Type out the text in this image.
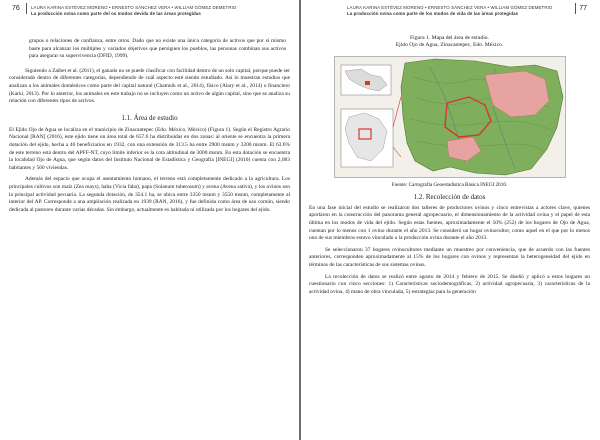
76	LAURA KARINA ESTÉVEZ MORENO • ERNESTO SÁNCHEZ VERA • WILLIAM GÓMEZ DEMETRIO
La producción ovina como parte del os modos devida de las áreas protegidas

grupos o relaciones de confianza, entre otros. Dado que no existe una única categoría de activos que por sí mismo baste para alcanzar los múltiples y variados objetivos que persiguen los pueblos, las personas combinan sus activos para asegurar su supervivencia (DFID, 1999).

Siguiendo a Zaibet et al. (2011), el ganado no se puede clasificar con facilidad dentro de un solo capital, porque puede ser considerado dentro de diferentes categorías, dependiendo de cuál aspecto esté siendo estudiado. Así lo muestran estudios que analizan a los animales domésticos como parte del capital natural (Chamnik et al., 2014), físico (Alary et al., 2014) o financiero (Karki, 2013). Por lo anterior, los animales en este trabajo no se incluyen como un activo de algún capital, sino que se analiza su relación con diferentes tipos de activos.

1.1. Área de estudio

El Ejido Ojo de Agua se localiza en el municipio de Zinacantepec (Edo. México, México) (Figura 1). Según el Registro Agrario Nacional [RAN] (2016), este ejido tiene un área total de 657.6 ha distribuidas en dos zonas: al oriente se encuentra la primera dotación del ejido, hecha a 46 beneficiarios en 1932, con una extensión de 313.5 ha entre 2900 msnm y 3200 msnm. El 63.6% de este terreno está dentro del APFF-NT, cuyo límite inferior es la cota altitudinal de 3000 msnm. En esta dotación se encuentra la localidad Ojo de Agua, que según datos del Instituto Nacional de Estadística y Geografía [INEGI] (2010) cuenta con 2,083 habitantes y 560 viviendas.

Además del espacio que ocupa el asentamiento humano, el terreno está completamente dedicado a la agricultura. Los principales cultivos son maíz (Zea mays), haba (Vicia faba), papa (Solanum tuberosum) y avena (Avena sativa), y los ovinos son la principal actividad pecuaria. La segunda dotación, de 354.1 ha, se ubica entre 3350 msnm y 3550 msnm, completamente al interior del AP. Corresponde a una ampliación realizada en 1939 (RAN, 2016), y fue definida como área de uso común, siendo dedicada al pastoreo durante varias décadas. Sin embargo, actualmente es habitada ni utilizada por los hogares del ejido.

LAURA KARINA ESTÉVEZ MORENO • ERNESTO SÁNCHEZ VERA • WILLIAM GÓMEZ DEMETRIO
La producción ovina como parte de los modos de vida de las áreas protegidas
77
Figura 1. Mapa del área de estudio.
Ejido Ojo de Agua, Zinacantepec, Edo. México.
Fuente: Cartografía Geoestadística Básica INEGI 2010.
1.2. Recolección de datos

En una fase inicial del estudio se realizaron dos talleres de productores ovinos y cinco entrevistas a actores clave, quienes aportaron en la construcción del panorama general agropecuario, el dimensionamiento de la actividad ovina y el papel de esta última en los modos de vida del ejido. Según estas fuentes, aproximadamente el 50% (252) de los hogares de Ojo de Agua, cuentan por lo menos con 1 ovino durante el año 2013. Se consideró un hogar ovinocultor, como aquel en el que por lo menos uno de sus miembros estuvo vinculado a la producción ovina durante el año 2013.

Se seleccionaron 37 hogares ovinocultores mediante un muestreo por conveniencia, que de acuerdo con las fuentes anteriores, corresponden aproximadamente al 15% de los hogares con ovinos y representan la heterogeneidad del ejido en términos de las características de sus sistemas ovinos.

La recolección de datos se realizó entre agosto de 2014 y febrero de 2015. Se diseñó y aplicó a estos hogares un cuestionario con cinco secciones: 1) Características sociodemográficas, 2) actividad agropecuaria, 3) características de la actividad ovina, 4) mano de obra vinculada, 5) estrategias para la generación
